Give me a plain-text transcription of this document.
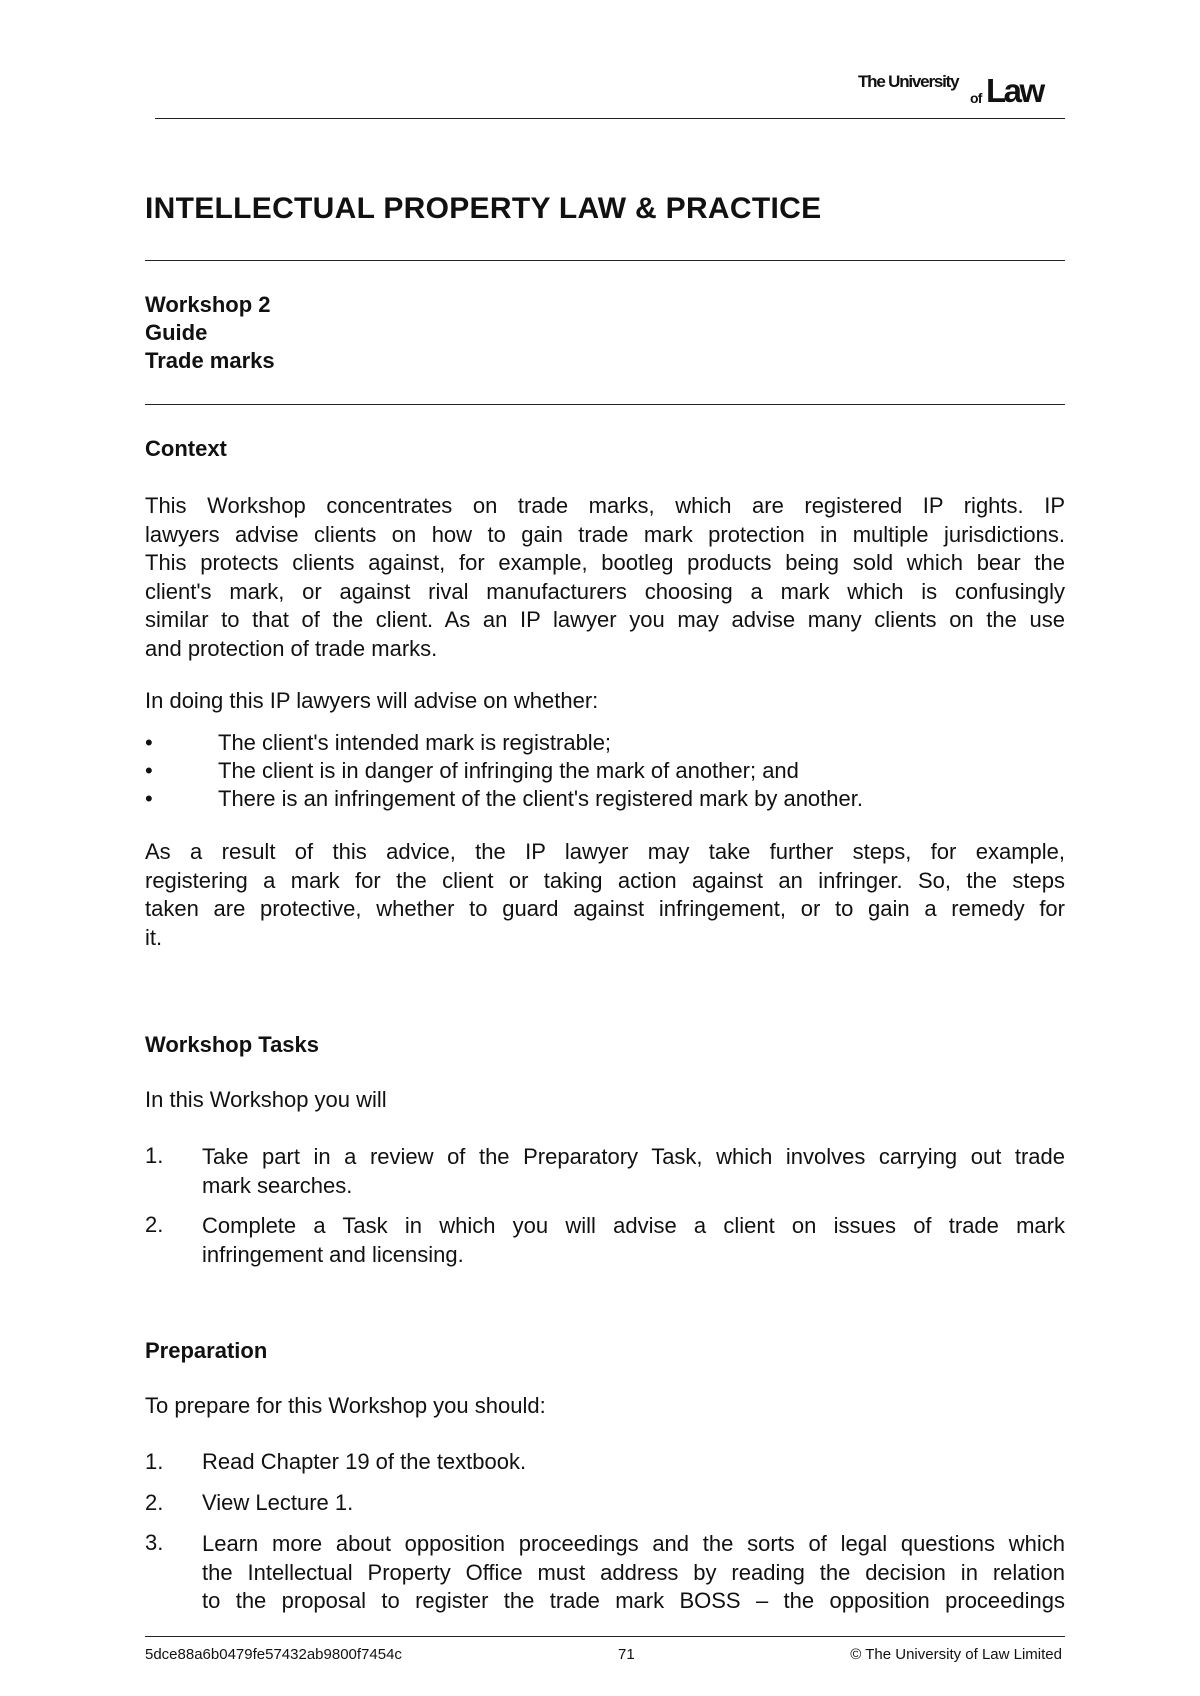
The University
of Law
INTELLECTUAL PROPERTY LAW & PRACTICE
Workshop 2
Guide
Trade marks
Context
This Workshop concentrates on trade marks, which are registered IP rights. IP
lawyers advise clients on how to gain trade mark protection in multiple jurisdictions.
This protects clients against, for example, bootleg products being sold which bear the
client's mark, or against rival manufacturers choosing a mark which is confusingly
similar to that of the client. As an IP lawyer you may advise many clients on the use
and protection of trade marks.
In doing this IP lawyers will advise on whether:
•	The client's intended mark is registrable;
•	The client is in danger of infringing the mark of another; and
•	There is an infringement of the client's registered mark by another.
As a result of this advice, the IP lawyer may take further steps, for example,
registering a mark for the client or taking action against an infringer. So, the steps
taken are protective, whether to guard against infringement, or to gain a remedy for
it.
Workshop Tasks
In this Workshop you will
1. Take part in a review of the Preparatory Task, which involves carrying out trade
mark searches.
2. Complete a Task in which you will advise a client on issues of trade mark
infringement and licensing.
Preparation
To prepare for this Workshop you should:
1. Read Chapter 19 of the textbook.
2. View Lecture 1.
3. Learn more about opposition proceedings and the sorts of legal questions which
the Intellectual Property Office must address by reading the decision in relation
to the proposal to register the trade mark BOSS – the opposition proceedings
5dce88a6b0479fe57432ab9800f7454c	71	© The University of Law Limited
